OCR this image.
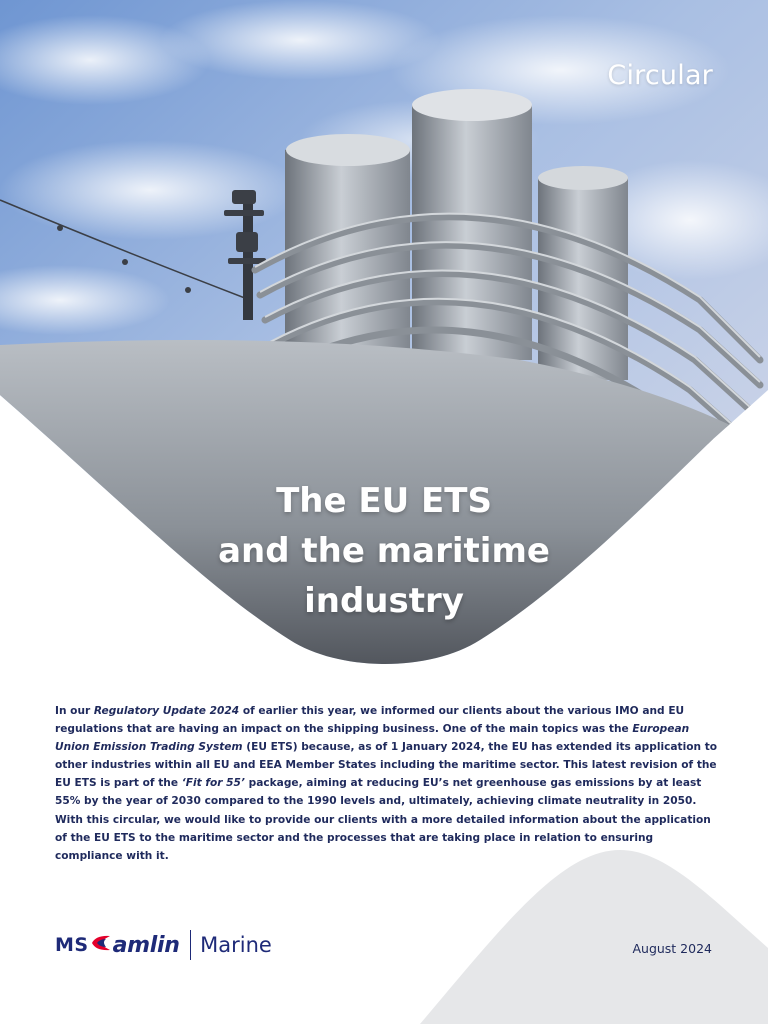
Circular
The EU ETS
and the maritime
industry
In our Regulatory Update 2024 of earlier this year, we informed our clients about the various IMO and EU regulations that are having an impact on the shipping business. One of the main topics was the European Union Emission Trading System (EU ETS) because, as of 1 January 2024, the EU has extended its application to other industries within all EU and EEA Member States including the maritime sector. This latest revision of the EU ETS is part of the ‘Fit for 55’ package, aiming at reducing EU’s net greenhouse gas emissions by at least 55% by the year of 2030 compared to the 1990 levels and, ultimately, achieving climate neutrality in 2050. With this circular, we would like to provide our clients with a more detailed information about the application of the EU ETS to the maritime sector and the processes that are taking place in relation to ensuring compliance with it.
MS amlin Marine	August 2024
